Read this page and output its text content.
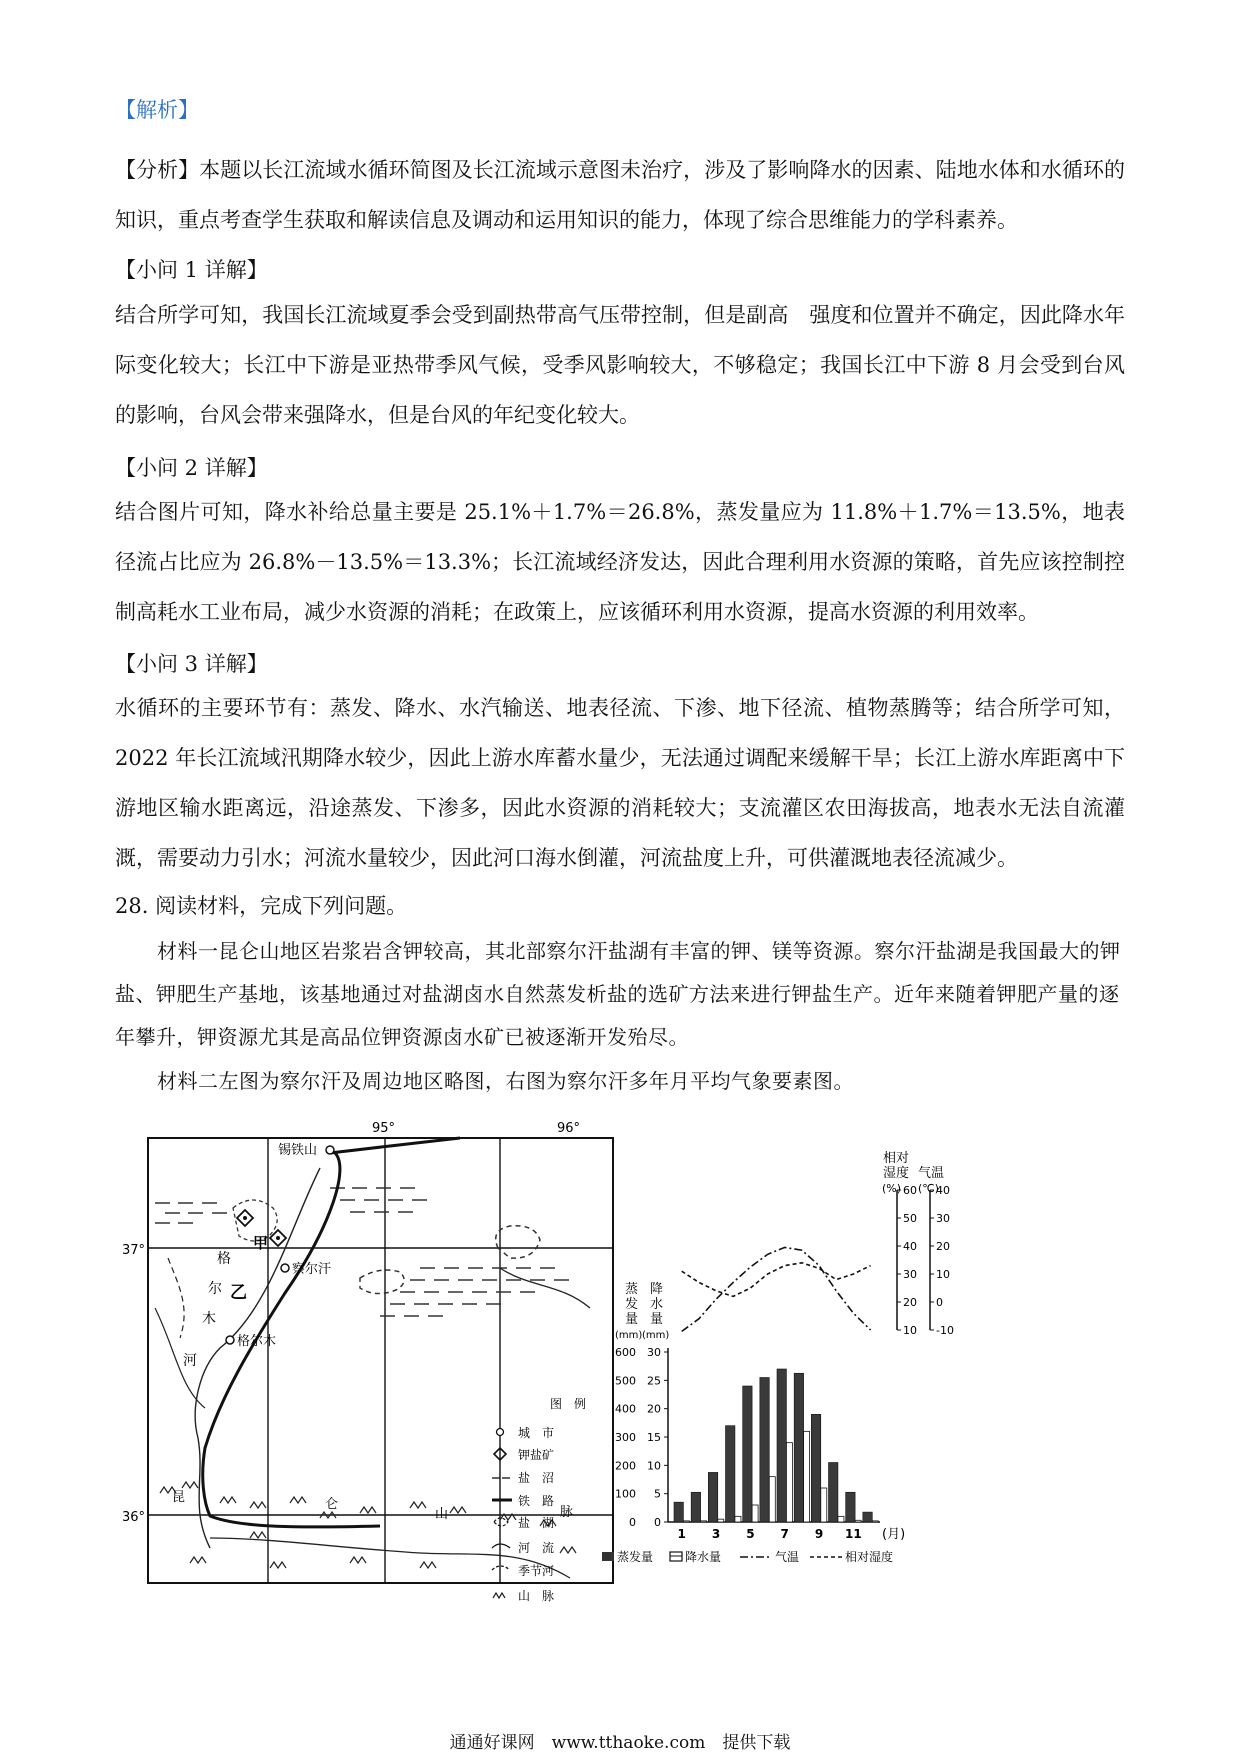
【解析】

【分析】本题以长江流域水循环简图及长江流域示意图未治疗，涉及了影响降水的因素、陆地水体和水循环的知识，重点考查学生获取和解读信息及调动和运用知识的能力，体现了综合思维能力的学科素养。

【小问 1 详解】

结合所学可知，我国长江流域夏季会受到副热带高气压带控制，但是副高　强度和位置并不确定，因此降水年际变化较大；长江中下游是亚热带季风气候，受季风影响较大，不够稳定；我国长江中下游 8 月会受到台风的影响，台风会带来强降水，但是台风的年纪变化较大。

【小问 2 详解】

结合图片可知，降水补给总量主要是 25.1%＋1.7%＝26.8%，蒸发量应为 11.8%＋1.7%＝13.5%，地表径流占比应为 26.8%－13.5%＝13.3%；长江流域经济发达，因此合理利用水资源的策略，首先应该控制控制高耗水工业布局，减少水资源的消耗；在政策上，应该循环利用水资源，提高水资源的利用效率。

【小问 3 详解】

水循环的主要环节有：蒸发、降水、水汽输送、地表径流、下渗、地下径流、植物蒸腾等；结合所学可知，2022 年长江流域汛期降水较少，因此上游水库蓄水量少，无法通过调配来缓解干旱；长江上游水库距离中下游地区输水距离远，沿途蒸发、下渗多，因此水资源的消耗较大；支流灌区农田海拔高，地表水无法自流灌溉，需要动力引水；河流水量较少，因此河口海水倒灌，河流盐度上升，可供灌溉地表径流减少。

28. 阅读材料，完成下列问题。

材料一昆仑山地区岩浆岩含钾较高，其北部察尔汗盐湖有丰富的钾、镁等资源。察尔汗盐湖是我国最大的钾盐、钾肥生产基地，该基地通过对盐湖卤水自然蒸发析盐的选矿方法来进行钾盐生产。近年来随着钾肥产量的逐年攀升，钾资源尤其是高品位钾资源卤水矿已被逐渐开发殆尽。

材料二左图为察尔汗及周边地区略图，右图为察尔汗多年月平均气象要素图。

95°	96°
37°
36°
锡铁山
察尔汗
格尔木
甲
乙
格
尔
木
河
昆	仑
山	脉
图　例
城　市
钾盐矿
盐　沼
铁　路
盐　湖
河　流
季节河
山　脉
蒸
发
量
(mm)
降
水
量
(mm)
相对
湿度
(%)
气温
(℃)
(月)
0 0
100 5
200 10
300 15
400 20
500 25
600 30
1 3 5 7 9 11
10
20
30
40
50
60
-10
0
10
20
30
40
蒸发量	降水量	气温	相对湿度
通通好课网　www.tthaoke.com　提供下载
